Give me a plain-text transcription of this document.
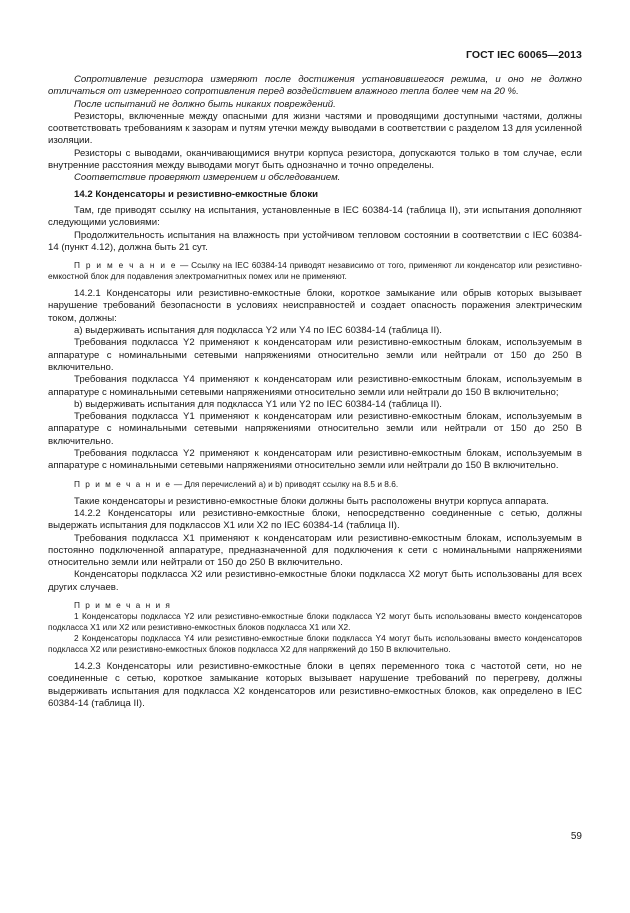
ГОСТ IEC 60065—2013

Сопротивление резистора измеряют после достижения установившегося режима, и оно не должно отличаться от измеренного сопротивления перед воздействием влажного тепла более чем на 20 %.

После испытаний не должно быть никаких повреждений.

Резисторы, включенные между опасными для жизни частями и проводящими доступными частями, должны соответствовать требованиям к зазорам и путям утечки между выводами в соответствии с разделом 13 для усиленной изоляции.

Резисторы с выводами, оканчивающимися внутри корпуса резистора, допускаются только в том случае, если внутренние расстояния между выводами могут быть однозначно и точно определены.

Соответствие проверяют измерением и обследованием.

14.2 Конденсаторы и резистивно-емкостные блоки

Там, где приводят ссылку на испытания, установленные в IEC 60384-14 (таблица II), эти испытания дополняют следующими условиями:

Продолжительность испытания на влажность при устойчивом тепловом состоянии в соответствии с IEC 60384-14 (пункт 4.12), должна быть 21 сут.

П р и м е ч а н и е — Ссылку на IEC 60384-14 приводят независимо от того, применяют ли конденсатор или резистивно-емкостной блок для подавления электромагнитных помех или не применяют.

14.2.1 Конденсаторы или резистивно-емкостные блоки, короткое замыкание или обрыв которых вызывает нарушение требований безопасности в условиях неисправностей и создает опасность поражения электрическим током, должны:

а) выдерживать испытания для подкласса Y2 или Y4 по IEC 60384-14 (таблица II).

Требования подкласса Y2 применяют к конденсаторам или резистивно-емкостным блокам, используемым в аппаратуре с номинальными сетевыми напряжениями относительно земли или нейтрали от 150 до 250 В включительно.

Требования подкласса Y4 применяют к конденсаторам или резистивно-емкостным блокам, используемым в аппаратуре с номинальными сетевыми напряжениями относительно земли или нейтрали до 150 В включительно;

b) выдерживать испытания для подкласса Y1 или Y2 по IEC 60384-14 (таблица II).

Требования подкласса Y1 применяют к конденсаторам или резистивно-емкостным блокам, используемым в аппаратуре с номинальными сетевыми напряжениями относительно земли или нейтрали от 150 до 250 В включительно.

Требования подкласса Y2 применяют к конденсаторам или резистивно-емкостным блокам, используемым в аппаратуре с номинальными сетевыми напряжениями относительно земли или нейтрали до 150 В включительно.

П р и м е ч а н и е — Для перечислений а) и b) приводят ссылку на 8.5 и 8.6.

Такие конденсаторы и резистивно-емкостные блоки должны быть расположены внутри корпуса аппарата.

14.2.2 Конденсаторы или резистивно-емкостные блоки, непосредственно соединенные с сетью, должны выдержать испытания для подклассов Х1 или Х2 по IEC 60384-14 (таблица II).

Требования подкласса Х1 применяют к конденсаторам или резистивно-емкостным блокам, используемым в постоянно подключенной аппаратуре, предназначенной для подключения к сети с номинальными напряжениями относительно земли или нейтрали от 150 до 250 В включительно.

Конденсаторы подкласса Х2 или резистивно-емкостные блоки подкласса Х2 могут быть использованы для всех других случаев.

П р и м е ч а н и я

1 Конденсаторы подкласса Y2 или резистивно-емкостные блоки подкласса Y2 могут быть использованы вместо конденсаторов подкласса Х1 или Х2 или резистивно-емкостных блоков подкласса Х1 или Х2.

2 Конденсаторы подкласса Y4 или резистивно-емкостные блоки подкласса Y4 могут быть использованы вместо конденсаторов подкласса Х2 или резистивно-емкостных блоков подкласса Х2 для напряжений до 150 В включительно.

14.2.3 Конденсаторы или резистивно-емкостные блоки в цепях переменного тока с частотой сети, но не соединенные с сетью, короткое замыкание которых вызывает нарушение требований по перегреву, должны выдерживать испытания для подкласса Х2 конденсаторов или резистивно-емкостных блоков, как определено в IEC 60384-14 (таблица II).

59
